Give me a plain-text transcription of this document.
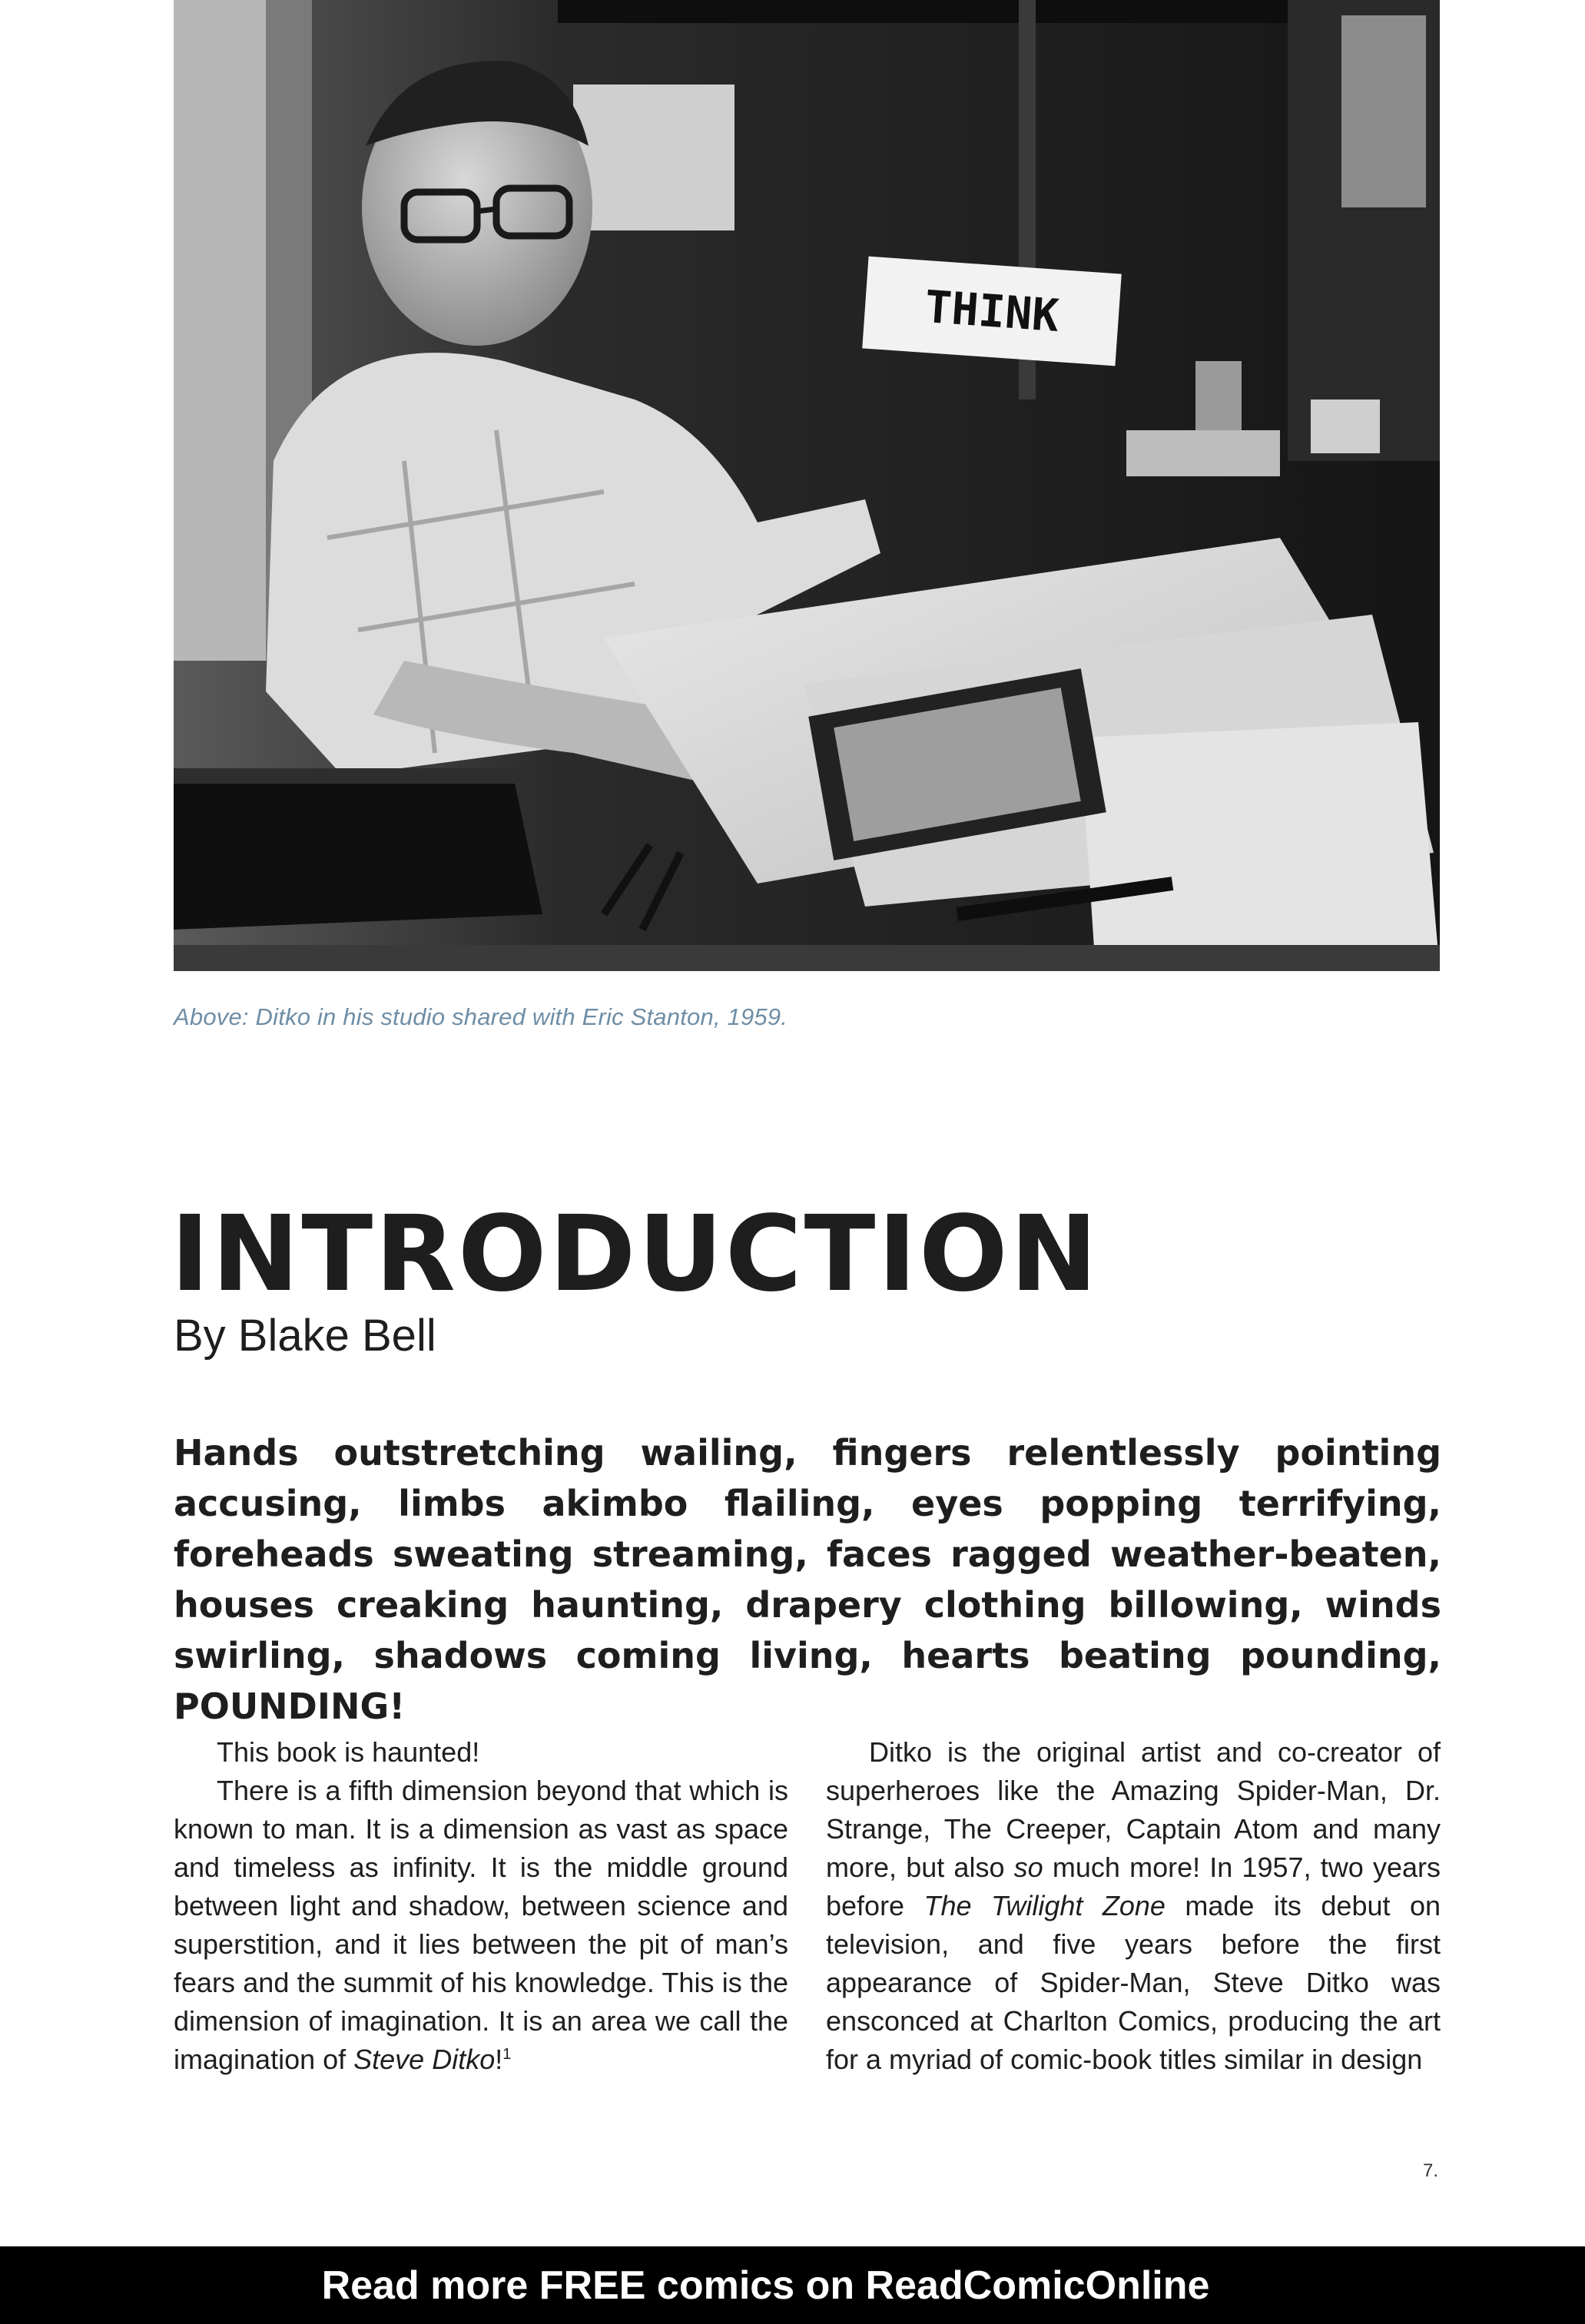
THINK
Above: Ditko in his studio shared with Eric Stanton, 1959.
INTRODUCTION
By Blake Bell

Hands outstretching wailing, fingers relentlessly pointing accusing, limbs akimbo flailing, eyes popping terrifying, foreheads sweating streaming, faces ragged weather-beaten, houses creaking haunting, drapery clothing billowing, winds swirling, shadows coming living, hearts beating pounding, POUNDING!

This book is haunted!

There is a fifth dimension beyond that which is known to man. It is a dimension as vast as space and timeless as infinity. It is the middle ground between light and shadow, between science and superstition, and it lies between the pit of man’s fears and the summit of his knowledge. This is the dimension of imagination. It is an area we call the imagination of Steve Ditko!$^1$

Ditko is the original artist and co-creator of superheroes like the Amazing Spider-Man, Dr. Strange, The Creeper, Captain Atom and many more, but also so much more! In 1957, two years before The Twilight Zone made its debut on television, and five years before the first appearance of Spider-Man, Steve Ditko was ensconced at Charlton Comics, producing the art for a myriad of comic-book titles similar in design

7.
Read more FREE comics on ReadComicOnline
